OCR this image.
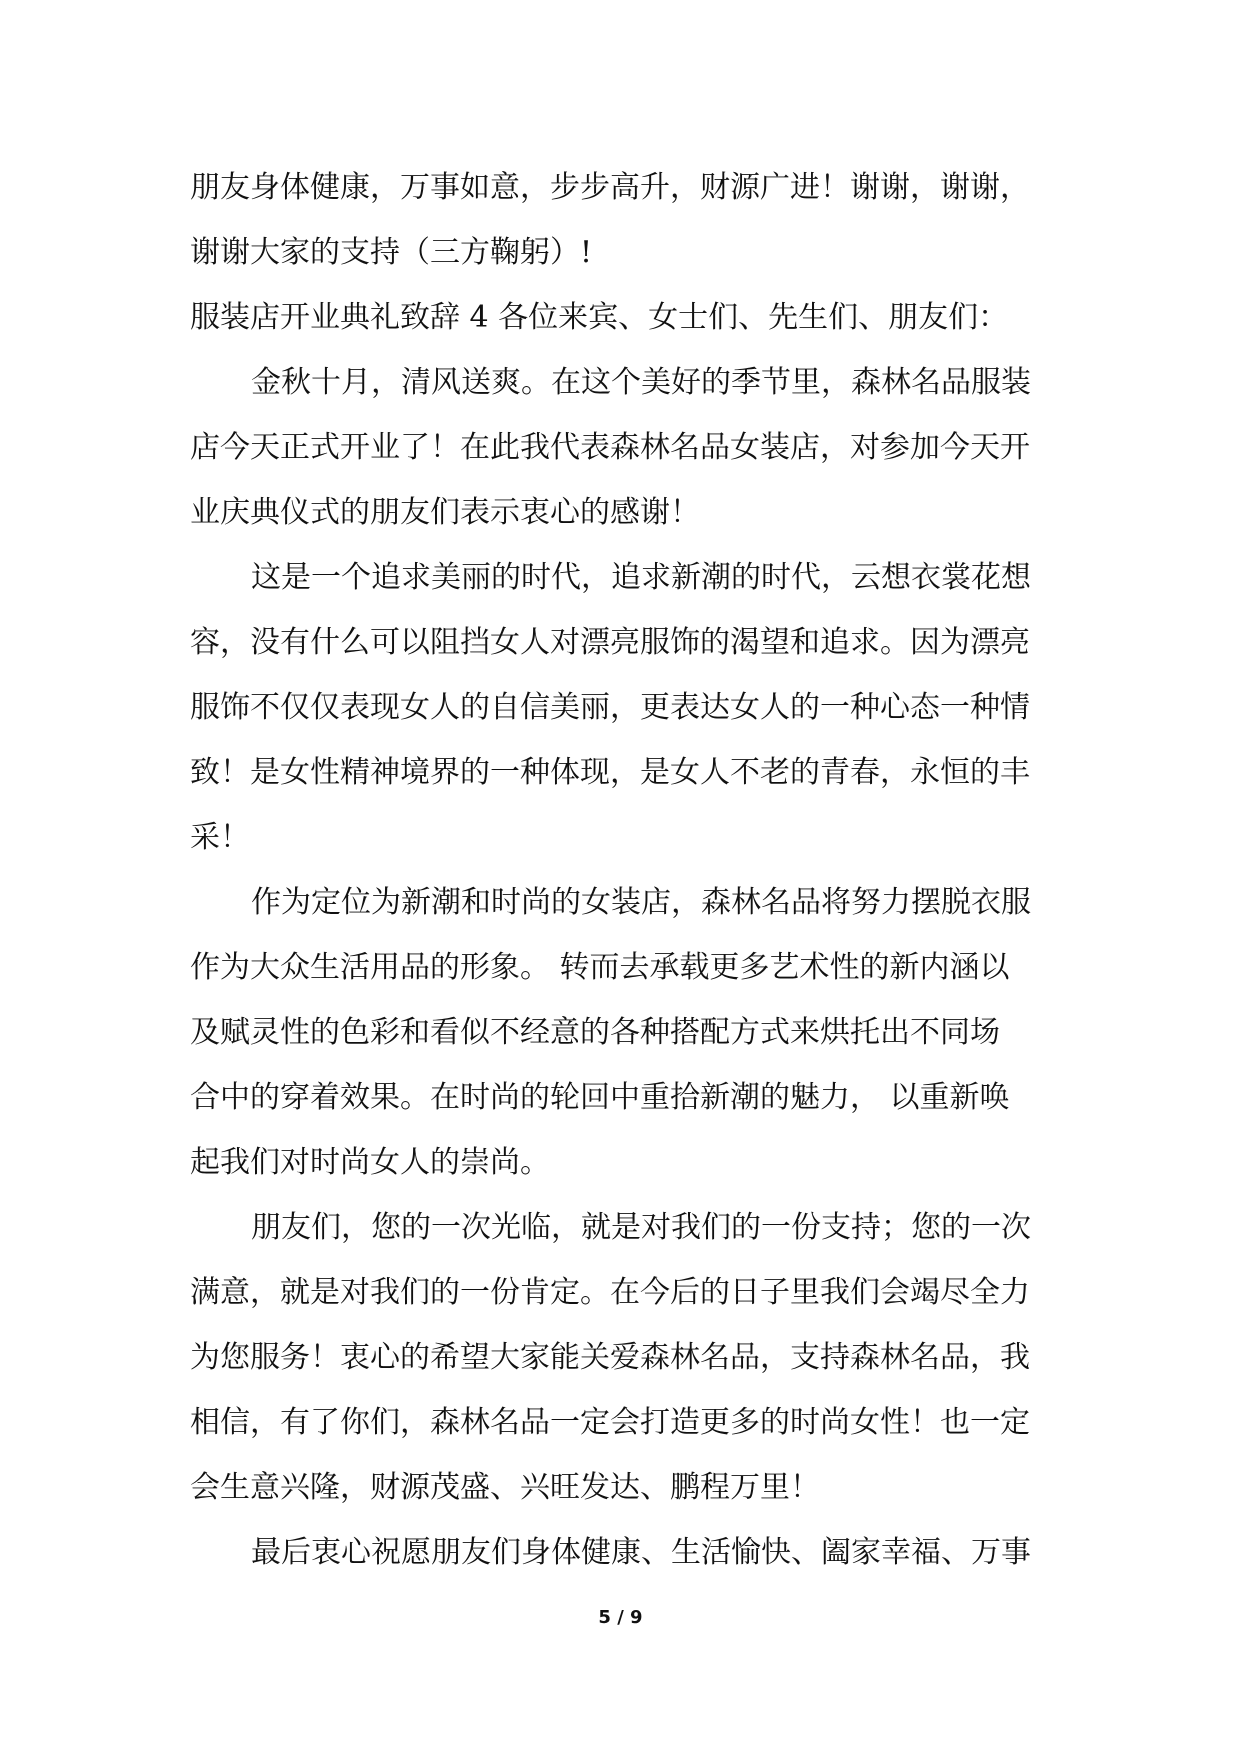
朋友身体健康，万事如意，步步高升，财源广进！谢谢，谢谢，

谢谢大家的支持（三方鞠躬）!

服装店开业典礼致辞 4 各位来宾、女士们、先生们、朋友们：

金秋十月，清风送爽。在这个美好的季节里，森林名品服装

店今天正式开业了！在此我代表森林名品女装店，对参加今天开

业庆典仪式的朋友们表示衷心的感谢！

这是一个追求美丽的时代，追求新潮的时代，云想衣裳花想

容，没有什么可以阻挡女人对漂亮服饰的渴望和追求。因为漂亮

服饰不仅仅表现女人的自信美丽，更表达女人的一种心态一种情

致！是女性精神境界的一种体现，是女人不老的青春，永恒的丰

采！

作为定位为新潮和时尚的女装店，森林名品将努力摆脱衣服

作为大众生活用品的形象。 转而去承载更多艺术性的新内涵以

及赋灵性的色彩和看似不经意的各种搭配方式来烘托出不同场

合中的穿着效果。在时尚的轮回中重拾新潮的魅力， 以重新唤

起我们对时尚女人的崇尚。

朋友们，您的一次光临，就是对我们的一份支持；您的一次

满意，就是对我们的一份肯定。在今后的日子里我们会竭尽全力

为您服务！衷心的希望大家能关爱森林名品，支持森林名品，我

相信，有了你们，森林名品一定会打造更多的时尚女性！也一定

会生意兴隆，财源茂盛、兴旺发达、鹏程万里！

最后衷心祝愿朋友们身体健康、生活愉快、阖家幸福、万事

5 / 9
